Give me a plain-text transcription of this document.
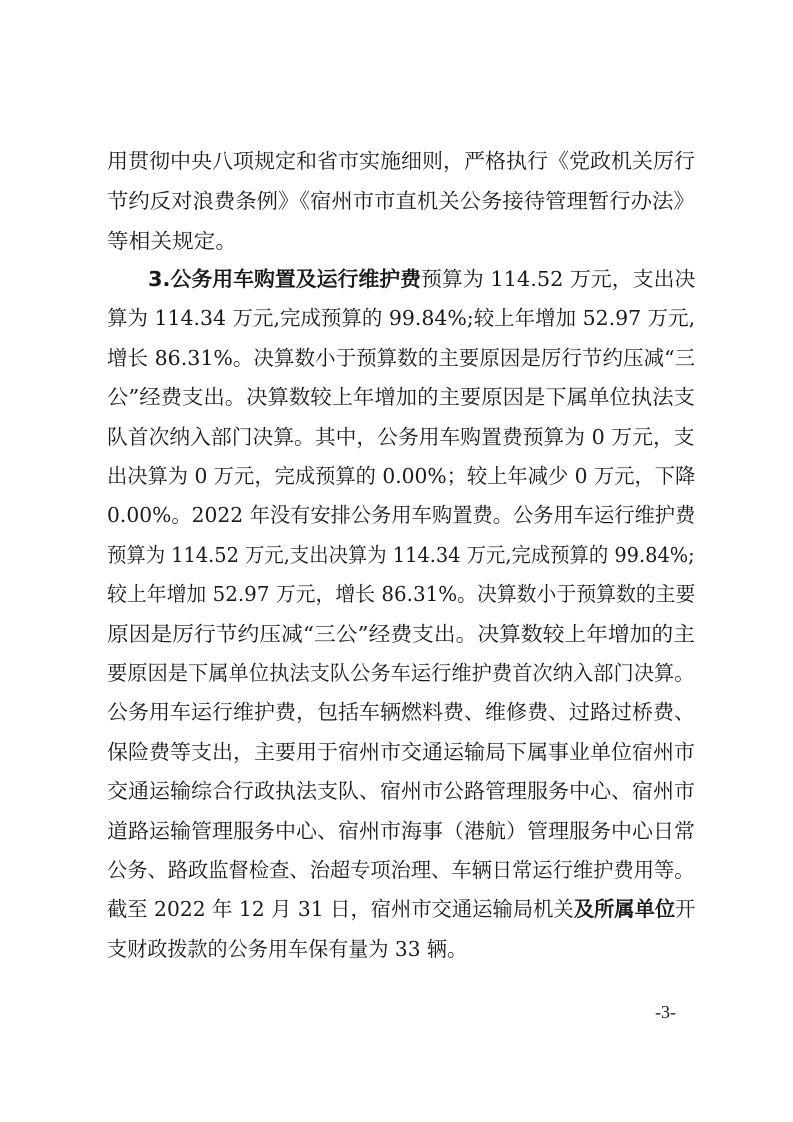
用贯彻中央八项规定和省市实施细则，严格执行《党政机关厉行
节约反对浪费条例》《宿州市市直机关公务接待管理暂行办法》
等相关规定。
3.公务用车购置及运行维护费预算为 114.52 万元，支出决
算为 114.34 万元,完成预算的 99.84%;较上年增加 52.97 万元,
增长 86.31%。决算数小于预算数的主要原因是厉行节约压减“三
公”经费支出。决算数较上年增加的主要原因是下属单位执法支
队首次纳入部门决算。其中，公务用车购置费预算为 0 万元，支
出决算为 0 万元，完成预算的 0.00%；较上年减少 0 万元，下降
0.00%。2022 年没有安排公务用车购置费。公务用车运行维护费
预算为 114.52 万元,支出决算为 114.34 万元,完成预算的 99.84%;
较上年增加 52.97 万元，增长 86.31%。决算数小于预算数的主要
原因是厉行节约压减“三公”经费支出。决算数较上年增加的主
要原因是下属单位执法支队公务车运行维护费首次纳入部门决算。
公务用车运行维护费，包括车辆燃料费、维修费、过路过桥费、
保险费等支出，主要用于宿州市交通运输局下属事业单位宿州市
交通运输综合行政执法支队、宿州市公路管理服务中心、宿州市
道路运输管理服务中心、宿州市海事（港航）管理服务中心日常
公务、路政监督检查、治超专项治理、车辆日常运行维护费用等。
截至 2022 年 12 月 31 日，宿州市交通运输局机关及所属单位开
支财政拨款的公务用车保有量为 33 辆。
-3-
